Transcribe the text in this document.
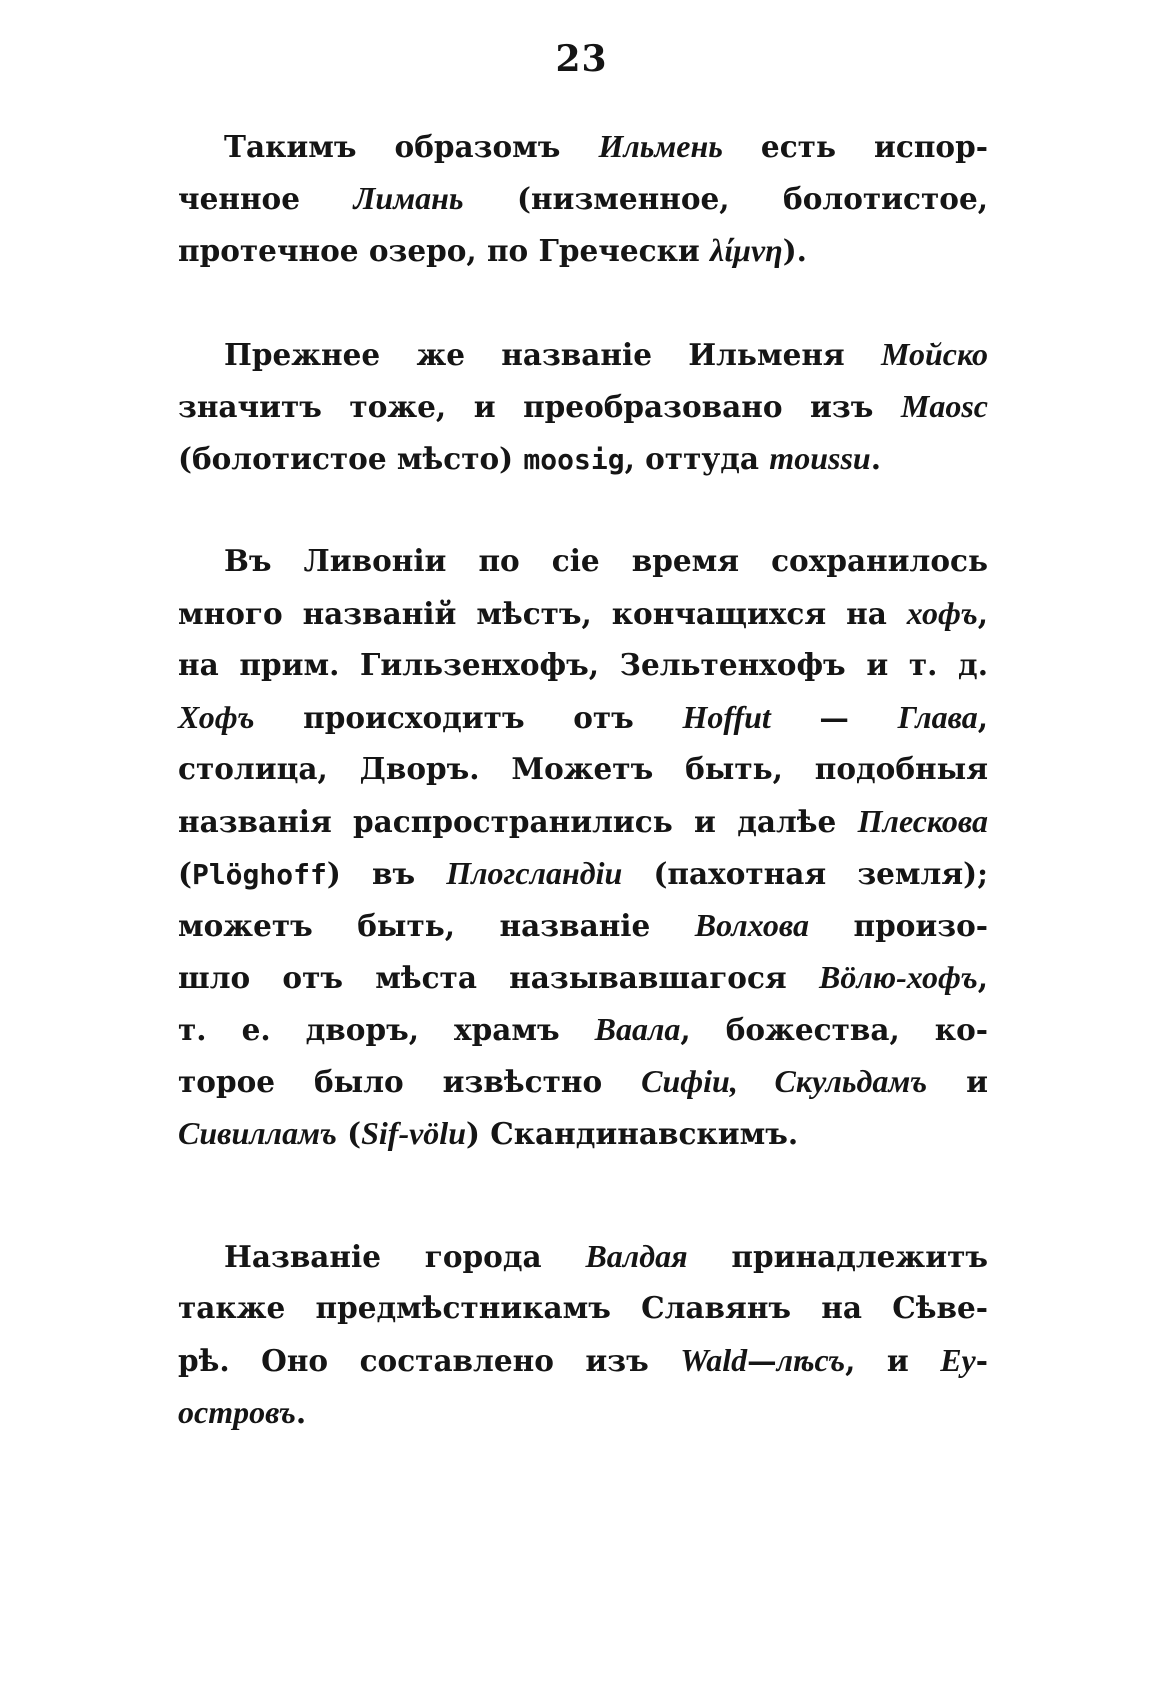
23
Такимъ образомъ Ильмень есть испор-
ченное Лимань (низменное, болотистое,
протечное озеро, по Гречески λίμνη).
Прежнее же названіе Ильменя Мойско
значитъ тоже, и преобразовано изъ Maosc
(болотистое мѣсто) moosig, оттуда moussu.
Въ Ливоніи по сіе время сохранилось
много названій мѣстъ, кончащихся на хофъ,
на прим. Гильзенхофъ, Зельтенхофъ и т. д.
Хофъ происходитъ отъ Hoffut — Глава,
столица, Дворъ. Можетъ быть, подобныя
названія распространились и далѣе Плескова
(Plöghoff) въ Плогсландіи (пахотная земля);
можетъ быть, названіе Волхова произо-
шло отъ мѣста называвшагося Вöлю-хофъ,
т. е. дворъ, храмъ Ваала, божества, ко-
торое было извѣстно Сифіи, Скульдамъ и
Сивилламъ (Sif-völu) Скандинавскимъ.
Названіе города Валдая принадлежитъ
также предмѣстникамъ Славянъ на Сѣве-
рѣ. Оно составлено изъ Wald—лѣсъ, и Еу-
островъ.
